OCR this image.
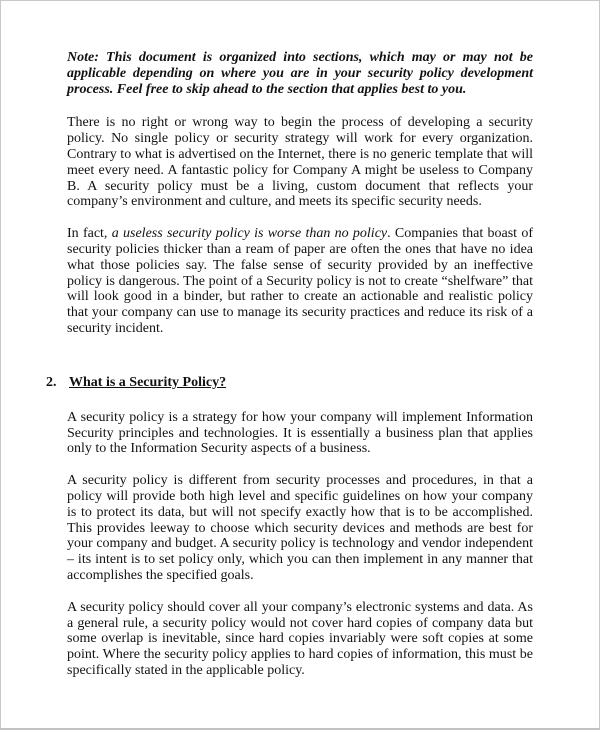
Note: This document is organized into sections, which may or may not be applicable depending on where you are in your security policy development process. Feel free to skip ahead to the section that applies best to you.

There is no right or wrong way to begin the process of developing a security policy. No single policy or security strategy will work for every organization. Contrary to what is advertised on the Internet, there is no generic template that will meet every need. A fantastic policy for Company A might be useless to Company B. A security policy must be a living, custom document that reflects your company’s environment and culture, and meets its specific security needs.

In fact, a useless security policy is worse than no policy. Companies that boast of security policies thicker than a ream of paper are often the ones that have no idea what those policies say. The false sense of security provided by an ineffective policy is dangerous. The point of a Security policy is not to create “shelfware” that will look good in a binder, but rather to create an actionable and realistic policy that your company can use to manage its security practices and reduce its risk of a security incident.

2. What is a Security Policy?

A security policy is a strategy for how your company will implement Information Security principles and technologies. It is essentially a business plan that applies only to the Information Security aspects of a business.

A security policy is different from security processes and procedures, in that a policy will provide both high level and specific guidelines on how your company is to protect its data, but will not specify exactly how that is to be accomplished. This provides leeway to choose which security devices and methods are best for your company and budget. A security policy is technology and vendor independent – its intent is to set policy only, which you can then implement in any manner that accomplishes the specified goals.

A security policy should cover all your company’s electronic systems and data. As a general rule, a security policy would not cover hard copies of company data but some overlap is inevitable, since hard copies invariably were soft copies at some point. Where the security policy applies to hard copies of information, this must be specifically stated in the applicable policy.
